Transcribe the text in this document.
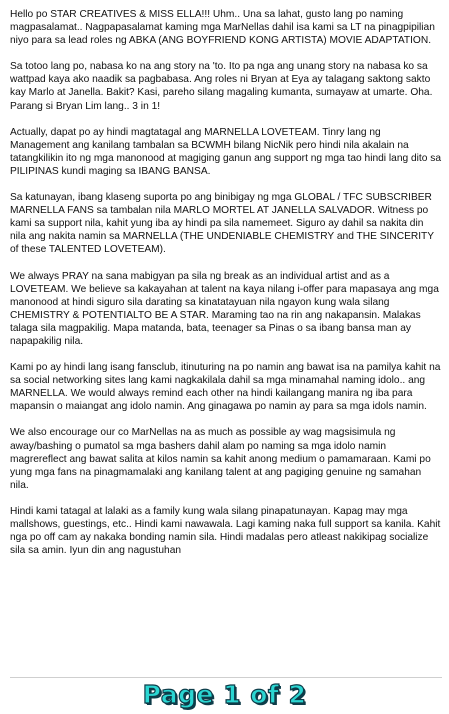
Hello po STAR CREATIVES & MISS ELLA!!! Uhm.. Una sa lahat, gusto lang po naming magpasalamat.. Nagpapasalamat kaming mga MarNellas dahil isa kami sa LT na pinagpipilian niyo para sa lead roles ng ABKA (ANG BOYFRIEND KONG ARTISTA) MOVIE ADAPTATION.

Sa totoo lang po, nabasa ko na ang story na 'to. Ito pa nga ang unang story na nabasa ko sa wattpad kaya ako naadik sa pagbabasa. Ang roles ni Bryan at Eya ay talagang saktong sakto kay Marlo at Janella. Bakit? Kasi, pareho silang magaling kumanta, sumayaw at umarte. Oha. Parang si Bryan Lim lang.. 3 in 1!

Actually, dapat po ay hindi magtatagal ang MARNELLA LOVETEAM. Tinry lang ng Management ang kanilang tambalan sa BCWMH bilang NicNik pero hindi nila akalain na tatangkilikin ito ng mga manonood at magiging ganun ang support ng mga tao hindi lang dito sa PILIPINAS kundi maging sa IBANG BANSA.

Sa katunayan, ibang klaseng suporta po ang binibigay ng mga GLOBAL / TFC SUBSCRIBER MARNELLA FANS sa tambalan nila MARLO MORTEL AT JANELLA SALVADOR. Witness po kami sa support nila, kahit yung iba ay hindi pa sila namemeet. Siguro ay dahil sa nakita din nila ang nakita namin sa MARNELLA (THE UNDENIABLE CHEMISTRY and THE SINCERITY of these TALENTED LOVETEAM).

We always PRAY na sana mabigyan pa sila ng break as an individual artist and as a LOVETEAM. We believe sa kakayahan at talent na kaya nilang i-offer para mapasaya ang mga manonood at hindi siguro sila darating sa kinatatayuan nila ngayon kung wala silang CHEMISTRY & POTENTIALTO BE A STAR. Maraming tao na rin ang nakapansin. Malakas talaga sila magpakilig. Mapa matanda, bata, teenager sa Pinas o sa ibang bansa man ay napapakilig nila.

Kami po ay hindi lang isang fansclub, itinuturing na po namin ang bawat isa na pamilya kahit na sa social networking sites lang kami nagkakilala dahil sa mga minamahal naming idolo.. ang MARNELLA. We would always remind each other na hindi kailangang manira ng iba para mapansin o maiangat ang idolo namin. Ang ginagawa po namin ay para sa mga idols namin.

We also encourage our co MarNellas na as much as possible ay wag magsisimula ng away/bashing o pumatol sa mga bashers dahil alam po naming sa mga idolo namin magrereflect ang bawat salita at kilos namin sa kahit anong medium o pamamaraan. Kami po yung mga fans na pinagmamalaki ang kanilang talent at ang pagiging genuine ng samahan nila.

Hindi kami tatagal at lalaki as a family kung wala silang pinapatunayan. Kapag may mga mallshows, guestings, etc.. Hindi kami nawawala. Lagi kaming naka full support sa kanila. Kahit nga po off cam ay nakaka bonding namin sila. Hindi madalas pero atleast nakikipag socialize sila sa amin. Iyun din ang nagustuhan

Page 1 of 2
